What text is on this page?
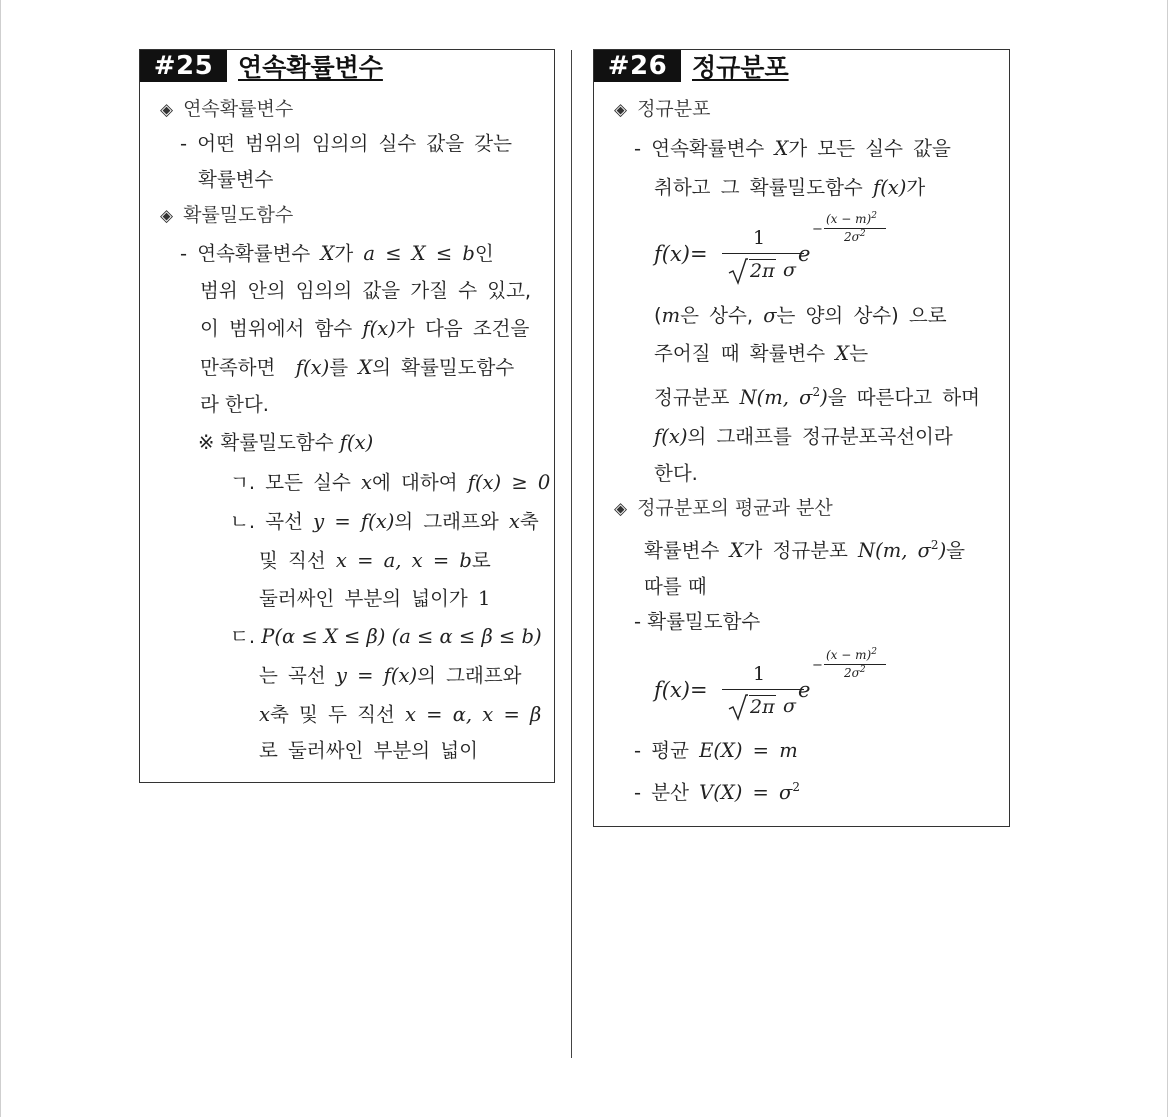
#25 연속확률변수
◈ 연속확률변수
- 어떤 범위의 임의의 실수 값을 갖는
확률변수
◈ 확률밀도함수
- 연속확률변수 X가 a ≤ X ≤ b인
범위 안의 임의의 값을 가질 수 있고,
이 범위에서 함수 f(x)가 다음 조건을
만족하면 f(x)를 X의 확률밀도함수
라 한다.
※ 확률밀도함수 f(x)
ㄱ. 모든 실수 x에 대하여 f(x) ≥ 0
ㄴ. 곡선 y = f(x)의 그래프와 x축
및 직선 x = a, x = b로
둘러싸인 부분의 넓이가 1
ㄷ. P(α ≤ X ≤ β) (a ≤ α ≤ β ≤ b)
는 곡선 y = f(x)의 그래프와
x축 및 두 직선 x = α, x = β
로 둘러싸인 부분의 넓이
#26 정규분포
◈ 정규분포
- 연속확률변수 X가 모든 실수 값을
취하고 그 확률밀도함수 f(x)가
f(x)=
1
2π σ
e
−
$(x - m)^2$
$2\sigma^2$
(m은 상수, σ는 양의 상수) 으로
주어질 때 확률변수 X는
정규분포 N(m, $\sigma^2$)을 따른다고 하며
f(x)의 그래프를 정규분포곡선이라
한다.
◈ 정규분포의 평균과 분산
확률변수 X가 정규분포 N(m, $\sigma^2$)을
따를 때
- 확률밀도함수
f(x)=
1
2π σ
e
−
$(x - m)^2$
$2\sigma^2$
- 평균 E(X) = m
- 분산 $V(X) = \sigma^2$
